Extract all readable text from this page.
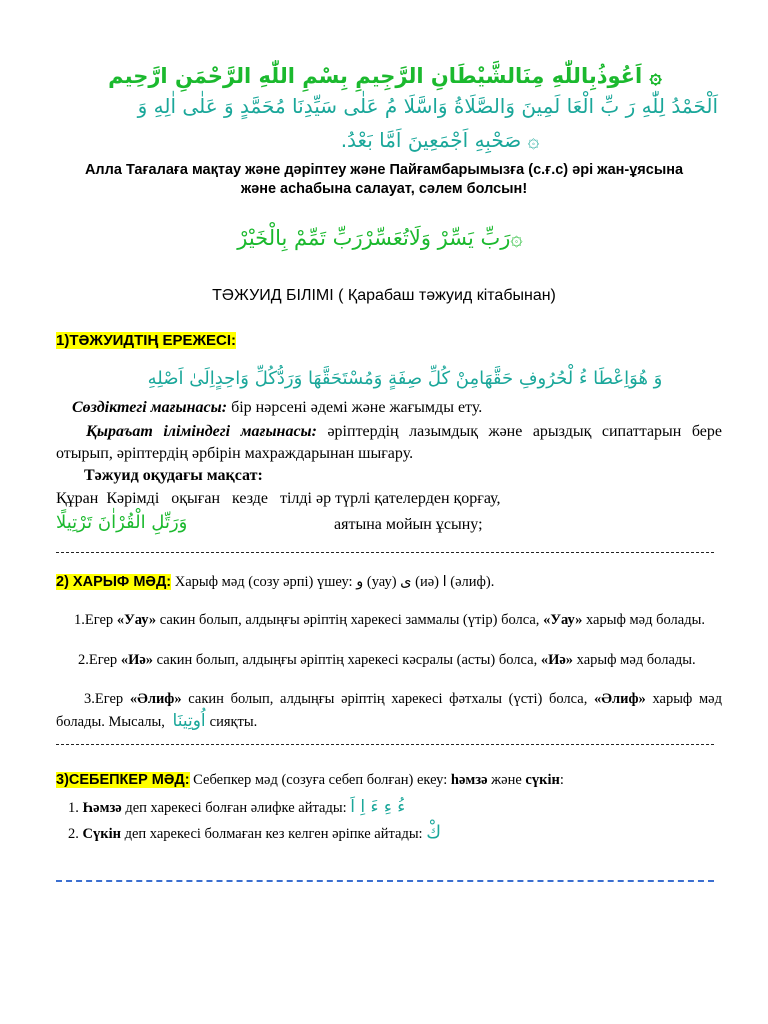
۞ اَعُوذُبِاللّٰهِ مِنَالشَّيْطَانِ الرَّجِيمِ بِسْمِ اللّٰهِ الرَّحْمَنِ ارَّحِيم
اَلْحَمْدُ لِلّٰهِ رَ بِّ الْعَا لَمِينَ وَالصَّلَاةُ وَاسَّلَا مُ عَلٰى سَيِّدِنَا مُحَمَّدٍ وَ عَلٰى اٰلِهِ وَ
۞ صَحْبِهِ اَجْمَعِينَ اَمَّا بَعْدُ.
Алла Тағалаға мақтау және дәріптеу және Пайғамбарымызға (с.ғ.с) әрі жан-ұясына
және асһабына салауат, сәлем болсын!
۞رَبِّ يَسِّرْ وَلَاتُعَسِّرْرَبِّ تَمِّمْ بِالْخَيْرْ
ТӘЖУИД БІЛІМІ ( Қарабаш тәжуид кітабынан)
1)ТӘЖУИДТІҢ ЕРЕЖЕСІ:
وَ هُوَاِعْطَا ءُ لْحُرُوفِ حَقَّهَامِنْ كُلِّ صِفَةٍ وَمُسْتَحَقَّهَا وَرَدُّكُلِّ وَاحِدٍاِلَىٰ اَصْلِهِ
Сөздіктегі мағынасы: бір нәрсені әдемі және жағымды ету.
Қыраъат іліміндегі мағынасы: әріптердің лазымдық және арыздық сипаттарын бере отырып, әріптердің әрбірін махраждарынан шығару.
Тәжуид оқудағы мақсат:
Құран  Кәрімді   оқыған   кезде   тілді әр түрлі қателерден қорғау,
وَرَتِّلِ الْقُرْاٰنَ تَرْتِيلًا	аятына мойын ұсыну;
2) ХАРЫФ МӘД: Харыф мәд (созу әрпі) үшеу: و (уау) ى (иә) ا (әлиф).
1.Егер «Уау» сакин болып, алдыңғы әріптің харекесі заммалы (үтір) болса, «Уау» харыф мәд болады.
2.Егер «Иә» сакин болып, алдыңғы әріптің харекесі кәсралы (асты) болса, «Иә» харыф мәд болады.
3.Егер «Әлиф» сакин болып, алдыңғы әріптің харекесі фәтхалы (үсті) болса, «Әлиф» харыф мәд болады. Мысалы, اُوتِينَا сияқты.
3)СЕБЕПКЕР МӘД: Себепкер мәд (созуға себеп болған) екеу: һәмзә және сүкін:
1. Һәмзә деп харекесі болған әлифке айтады: ءُ ءِ ءَ اِ اَ
2. Сүкін деп харекесі болмаған кез келген әріпке айтады: كْ
